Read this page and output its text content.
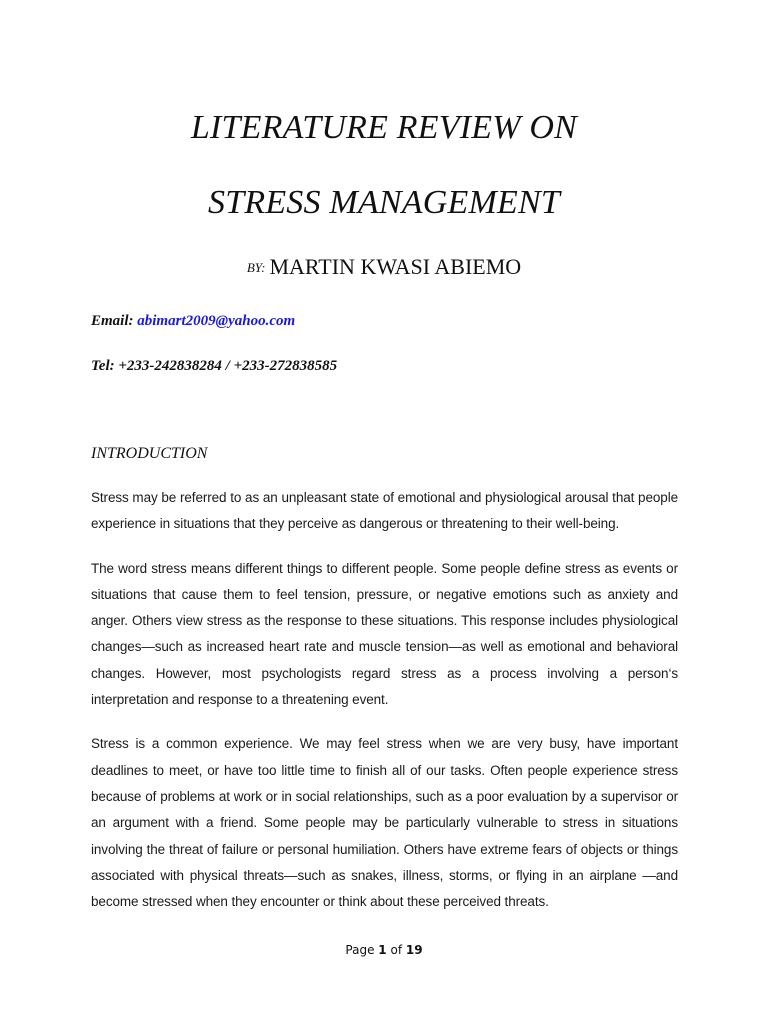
LITERATURE REVIEW ON
STRESS MANAGEMENT
BY: MARTIN KWASI ABIEMO
Email: abimart2009@yahoo.com
Tel: +233-242838284 / +233-272838585
INTRODUCTION

Stress may be referred to as an unpleasant state of emotional and physiological arousal that people experience in situations that they perceive as dangerous or threatening to their well-being.

The word stress means different things to different people. Some people define stress as events or situations that cause them to feel tension, pressure, or negative emotions such as anxiety and anger. Others view stress as the response to these situations. This response includes physiological changes—such as increased heart rate and muscle tension—as well as emotional and behavioral changes. However, most psychologists regard stress as a process involving a person‘s interpretation and response to a threatening event.

Stress is a common experience. We may feel stress when we are very busy, have important deadlines to meet, or have too little time to finish all of our tasks. Often people experience stress because of problems at work or in social relationships, such as a poor evaluation by a supervisor or an argument with a friend. Some people may be particularly vulnerable to stress in situations involving the threat of failure or personal humiliation. Others have extreme fears of objects or things associated with physical threats—such as snakes, illness, storms, or flying in an airplane —and become stressed when they encounter or think about these perceived threats.

Page 1 of 19
